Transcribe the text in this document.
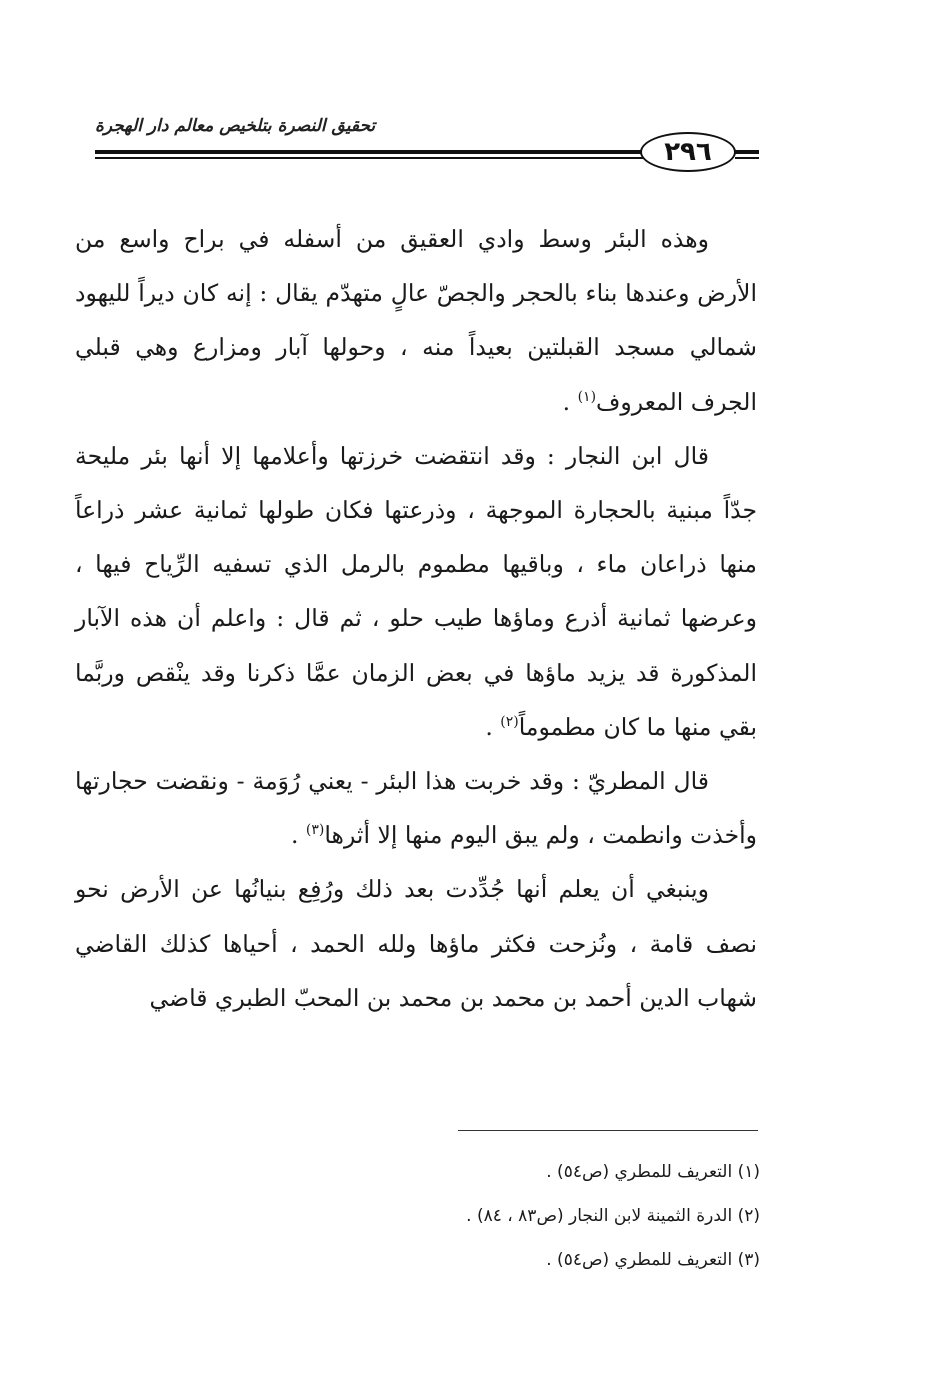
تحقيق النصرة بتلخيص معالم دار الهجرة
٢٩٦

وهذه البئر وسط وادي العقيق من أسفله في براح واسع من الأرض وعندها بناء بالحجر والجصّ عالٍ متهدّم يقال : إنه كان ديراً لليهود شمالي مسجد القبلتين بعيداً منه ، وحولها آبار ومزارع وهي قبلي الجرف المعروف$^{(١)}$ .

قال ابن النجار : وقد انتقضت خرزتها وأعلامها إلا أنها بئر مليحة جدّاً مبنية بالحجارة الموجهة ، وذرعتها فكان طولها ثمانية عشر ذراعاً منها ذراعان ماء ، وباقيها مطموم بالرمل الذي تسفيه الرِّياح فيها ، وعرضها ثمانية أذرع وماؤها طيب حلو ، ثم قال : واعلم أن هذه الآبار المذكورة قد يزيد ماؤها في بعض الزمان عمَّا ذكرنا وقد ينْقص وربَّما بقي منها ما كان مطموماً$^{(٢)}$ .

قال المطريّ : وقد خربت هذا البئر - يعني رُوَمة - ونقضت حجارتها وأخذت وانطمت ، ولم يبق اليوم منها إلا أثرها$^{(٣)}$ .

وينبغي أن يعلم أنها جُدِّدت بعد ذلك ورُفِع بنيانُها عن الأرض نحو نصف قامة ، ونُزحت فكثر ماؤها ولله الحمد ، أحياها كذلك القاضي شهاب الدين أحمد بن محمد بن محمد بن المحبّ الطبري قاضي

(١) التعريف للمطري (ص٥٤) .
(٢) الدرة الثمينة لابن النجار (ص٨٣ ، ٨٤) .
(٣) التعريف للمطري (ص٥٤) .
